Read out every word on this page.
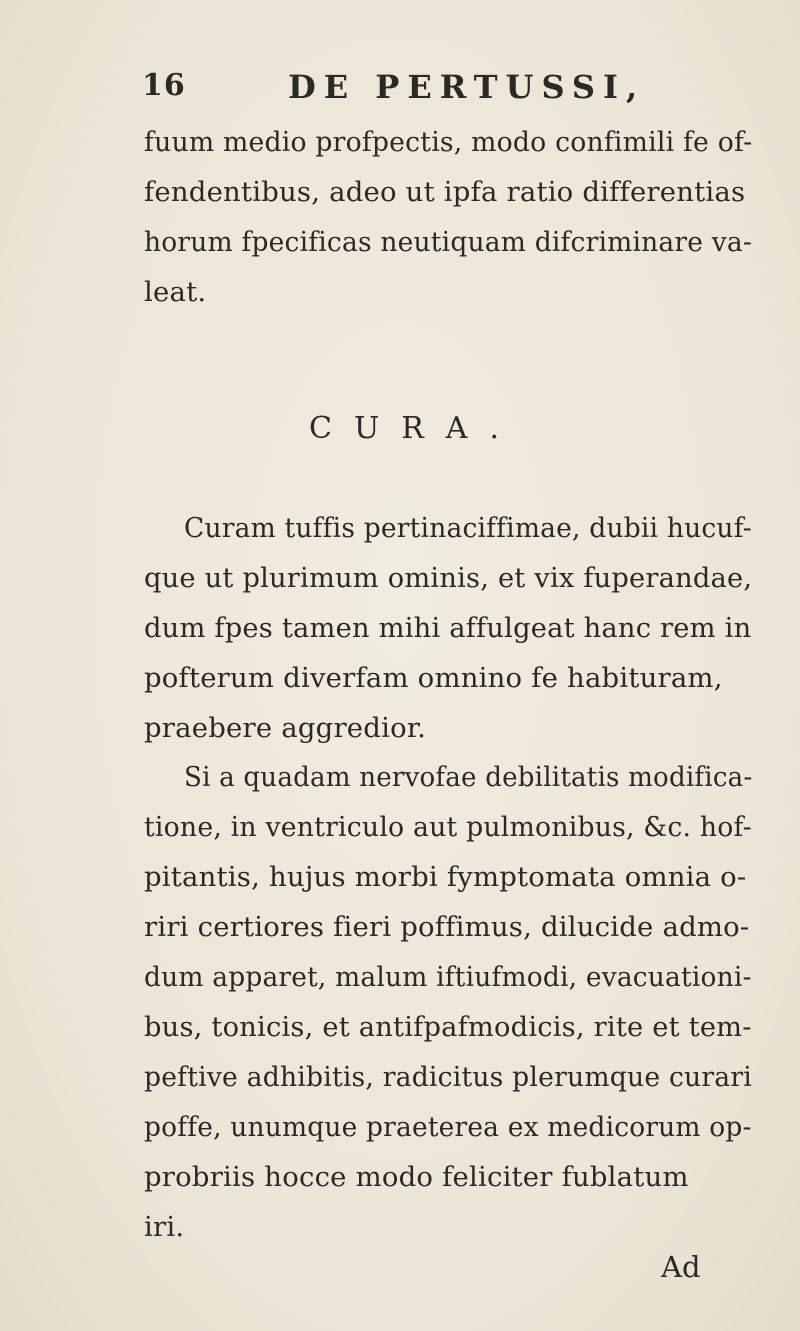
16	DE PERTUSSI,
fuum medio profpectis, modo confimili fe of-
fendentibus, adeo ut ipfa ratio differentias
horum fpecificas neutiquam difcriminare va-
leat.
CURA.
Curam tuffis pertinaciffimae, dubii hucuf-
que ut plurimum ominis, et vix fuperandae,
dum fpes tamen mihi affulgeat hanc rem in
pofterum diverfam omnino fe habituram,
praebere aggredior.
Si a quadam nervofae debilitatis modifica-
tione, in ventriculo aut pulmonibus, &c. hof-
pitantis, hujus morbi fymptomata omnia o-
riri certiores fieri poffimus, dilucide admo-
dum apparet, malum iftiufmodi, evacuationi-
bus, tonicis, et antifpafmodicis, rite et tem-
peftive adhibitis, radicitus plerumque curari
poffe, unumque praeterea ex medicorum op-
probriis hocce modo feliciter fublatum
iri.
Ad
